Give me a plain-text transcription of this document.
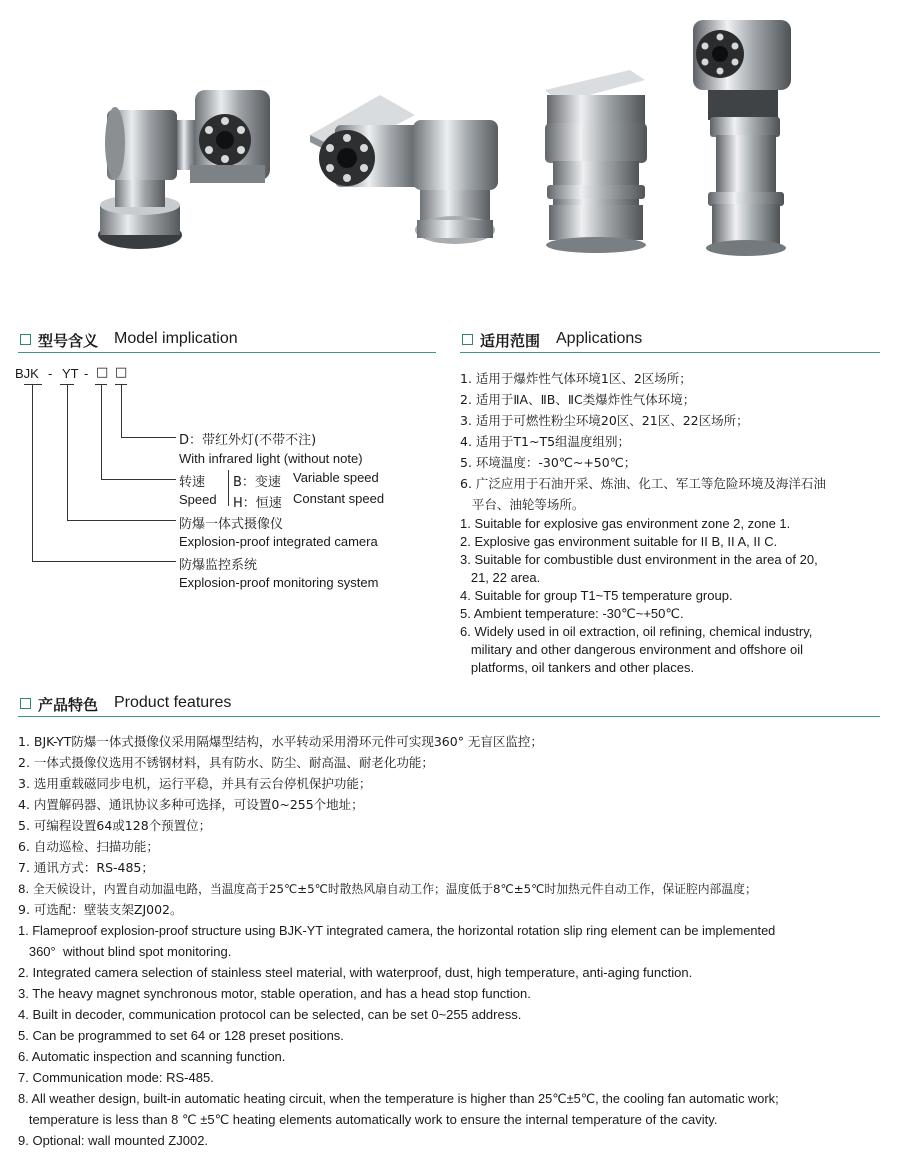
型号含义 Model implication
BJK - YT - □ □
D：带红外灯(不带不注)
With infrared light (without note)
转速 B：变速 Variable speed
Speed H：恒速 Constant speed
防爆一体式摄像仪
Explosion-proof integrated camera
防爆监控系统
Explosion-proof monitoring system
适用范围 Applications
1. 适用于爆炸性气体环境1区、2区场所；
2. 适用于ⅡA、ⅡB、ⅡC类爆炸性气体环境；
3. 适用于可燃性粉尘环境20区、21区、22区场所；
4. 适用于T1~T5组温度组别；
5. 环境温度：-30℃~+50℃；
6. 广泛应用于石油开采、炼油、化工、军工等危险环境及海洋石油
平台、油轮等场所。
1. Suitable for explosive gas environment zone 2, zone 1.
2. Explosive gas environment suitable for II B, II A, II C.
3. Suitable for combustible dust environment in the area of 20,
21, 22 area.
4. Suitable for group T1~T5 temperature group.
5. Ambient temperature: -30℃~+50℃.
6. Widely used in oil extraction, oil refining, chemical industry,
military and other dangerous environment and offshore oil
platforms, oil tankers and other places.
产品特色 Product features
1. BJK-YT防爆一体式摄像仪采用隔爆型结构，水平转动采用滑环元件可实现360° 无盲区监控；
2. 一体式摄像仪选用不锈钢材料，具有防水、防尘、耐高温、耐老化功能；
3. 选用重载磁同步电机，运行平稳，并具有云台停机保护功能；
4. 内置解码器、通讯协议多种可选择，可设置0~255个地址；
5. 可编程设置64或128个预置位；
6. 自动巡检、扫描功能；
7. 通讯方式：RS-485；
8. 全天候设计，内置自动加温电路，当温度高于25℃±5℃时散热风扇自动工作；温度低于8℃±5℃时加热元件自动工作，保证腔内部温度；
9. 可选配：壁装支架ZJ002。
1. Flameproof explosion-proof structure using BJK-YT integrated camera, the horizontal rotation slip ring element can be implemented
360°  without blind spot monitoring.
2. Integrated camera selection of stainless steel material, with waterproof, dust, high temperature, anti-aging function.
3. The heavy magnet synchronous motor, stable operation, and has a head stop function.
4. Built in decoder, communication protocol can be selected, can be set 0~255 address.
5. Can be programmed to set 64 or 128 preset positions.
6. Automatic inspection and scanning function.
7. Communication mode: RS-485.
8. All weather design, built-in automatic heating circuit, when the temperature is higher than 25℃±5℃, the cooling fan automatic work;
temperature is less than 8 ℃ ±5℃ heating elements automatically work to ensure the internal temperature of the cavity.
9. Optional: wall mounted ZJ002.
